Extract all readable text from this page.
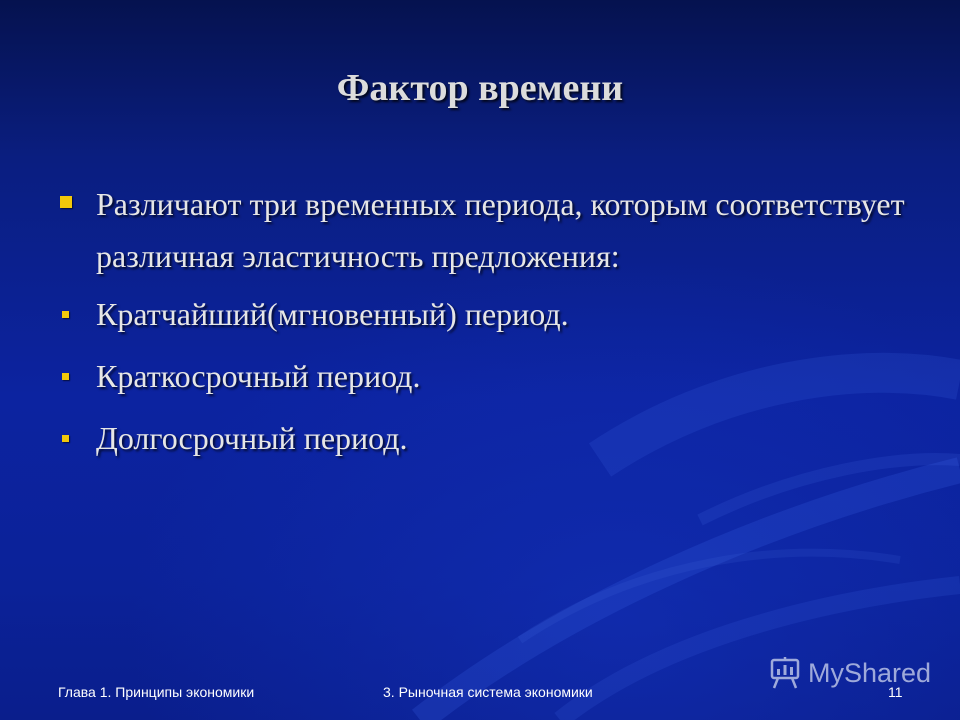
Фактор времени
Различают три временных периода, которым соответствует различная эластичность предложения:
Кратчайший(мгновенный) период.
Краткосрочный период.
Долгосрочный период.
Глава 1. Принципы экономики	3. Рыночная система экономики	11
MyShared
